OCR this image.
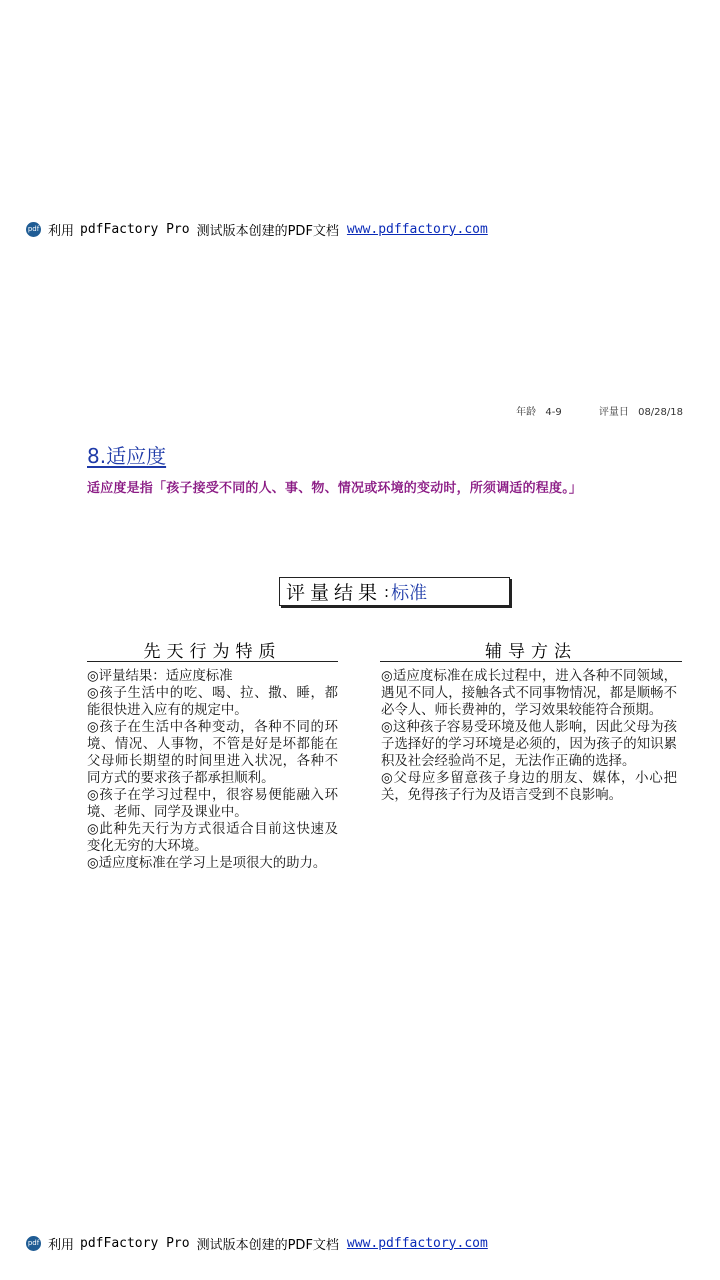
pdf 利用 pdfFactory Pro 测试版本创建的PDF文档 www.pdffactory.com
年龄 4-9	评量日 08/28/18
8.适应度
适应度是指「孩子接受不同的人、事、物、情况或环境的变动时，所须调适的程度。」
评量结果 : 标准
先天行为特质

◎评量结果：适应度标准

◎孩子生活中的吃、喝、拉、撒、睡，都能很快进入应有的规定中。

◎孩子在生活中各种变动，各种不同的环境、情况、人事物，不管是好是坏都能在父母师长期望的时间里进入状况，各种不同方式的要求孩子都承担顺利。

◎孩子在学习过程中，很容易便能融入环境、老师、同学及课业中。

◎此种先天行为方式很适合目前这快速及变化无穷的大环境。

◎适应度标准在学习上是项很大的助力。

辅导方法

◎适应度标准在成长过程中，进入各种不同领域，遇见不同人，接触各式不同事物情况，都是顺畅不必令人、师长费神的，学习效果较能符合预期。

◎这种孩子容易受环境及他人影响，因此父母为孩子选择好的学习环境是必须的，因为孩子的知识累积及社会经验尚不足，无法作正确的选择。

◎父母应多留意孩子身边的朋友、媒体，小心把关，免得孩子行为及语言受到不良影响。

pdf 利用 pdfFactory Pro 测试版本创建的PDF文档 www.pdffactory.com
